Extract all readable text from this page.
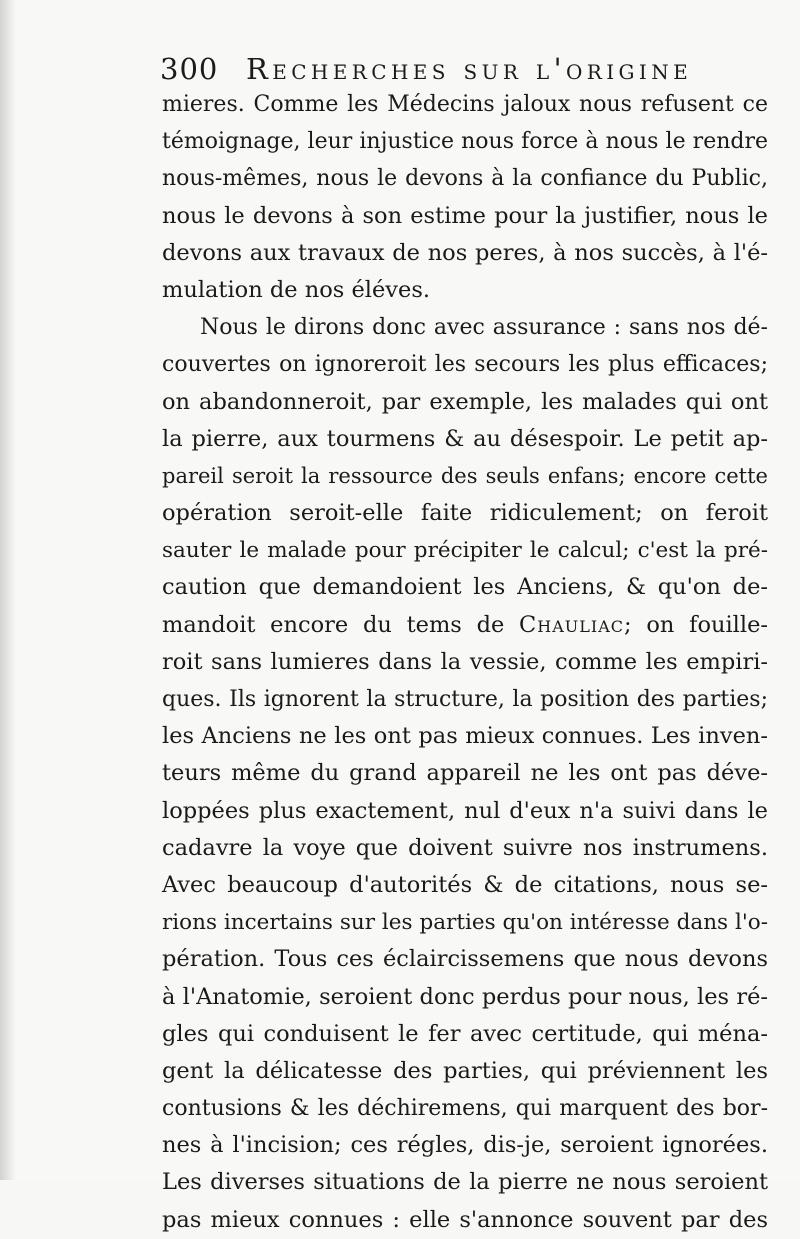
300 Recherches sur l'origine
mieres. Comme les Médecins jaloux nous refusent ce
témoignage, leur injustice nous force à nous le rendre
nous-mêmes, nous le devons à la confiance du Public,
nous le devons à son estime pour la justifier, nous le
devons aux travaux de nos peres, à nos succès, à l'é-
mulation de nos éléves.
Nous le dirons donc avec assurance : sans nos dé-
couvertes on ignoreroit les secours les plus efficaces;
on abandonneroit, par exemple, les malades qui ont
la pierre, aux tourmens & au désespoir. Le petit ap-
pareil seroit la ressource des seuls enfans; encore cette
opération seroit-elle faite ridiculement; on feroit
sauter le malade pour précipiter le calcul; c'est la pré-
caution que demandoient les Anciens, & qu'on de-
mandoit encore du tems de Chauliac; on fouille-
roit sans lumieres dans la vessie, comme les empiri-
ques. Ils ignorent la structure, la position des parties;
les Anciens ne les ont pas mieux connues. Les inven-
teurs même du grand appareil ne les ont pas déve-
loppées plus exactement, nul d'eux n'a suivi dans le
cadavre la voye que doivent suivre nos instrumens.
Avec beaucoup d'autorités & de citations, nous se-
rions incertains sur les parties qu'on intéresse dans l'o-
pération. Tous ces éclaircissemens que nous devons
à l'Anatomie, seroient donc perdus pour nous, les ré-
gles qui conduisent le fer avec certitude, qui ména-
gent la délicatesse des parties, qui préviennent les
contusions & les déchiremens, qui marquent des bor-
nes à l'incision; ces régles, dis-je, seroient ignorées.
Les diverses situations de la pierre ne nous seroient
pas mieux connues : elle s'annonce souvent par des
